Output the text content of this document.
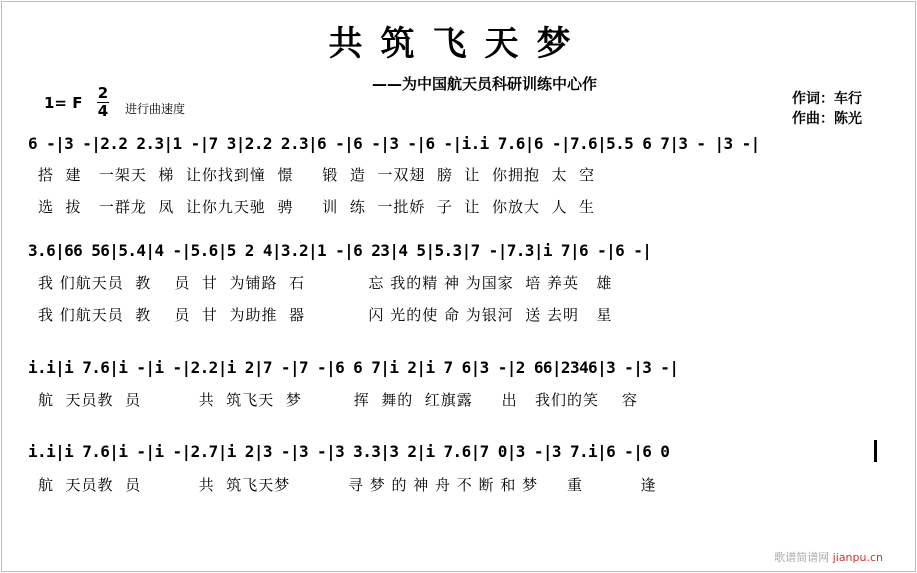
共筑飞天梦
——为中国航天员科研训练中心作
1= F
2
4 进行曲速度
作词：车行
作曲：陈光
6 -|3 -|2.2 2.3|1 -|7 3|2.2 2.3|6 -|6 -|3 -|6 -|i.i 7.6|6 -|7.6|5.5 6 7|3 - |3 -|
搭  建   一架天  梯  让你找到憧  憬     锻  造  一双翅  膀  让  你拥抱  太  空
选  拔   一群龙  凤  让你九天驰  骋     训  练  一批娇  子  让  你放大  人  生
3.6|66 56|5.4|4 -|5.6|5 2 4|3.2|1 -|6 23|4 5|5.3|7 -|7.3|i 7|6 -|6 -|
我 们航天员  教    员  甘  为铺路  石           忘 我的精 神 为国家  培 养英   雄
我 们航天员  教    员  甘  为助推  器           闪 光的使 命 为银河  送 去明   星
i.i|i 7.6|i -|i -|2.2|i 2|7 -|7 -|6 6 7|i 2|i 7 6|3 -|2 66|2346|3 -|3 -|
航  天员教  员          共  筑飞天  梦         挥  舞的  红旗露     出   我们的笑    容
i.i|i 7.6|i -|i -|2.7|i 2|3 -|3 -|3 3.3|3 2|i 7.6|7 0|3 -|3 7.i|6 -|6 0
航  天员教  员          共  筑飞天梦          寻 梦 的 神 舟 不 断 和 梦     重          逢
歌谱简谱网 jianpu.cn
